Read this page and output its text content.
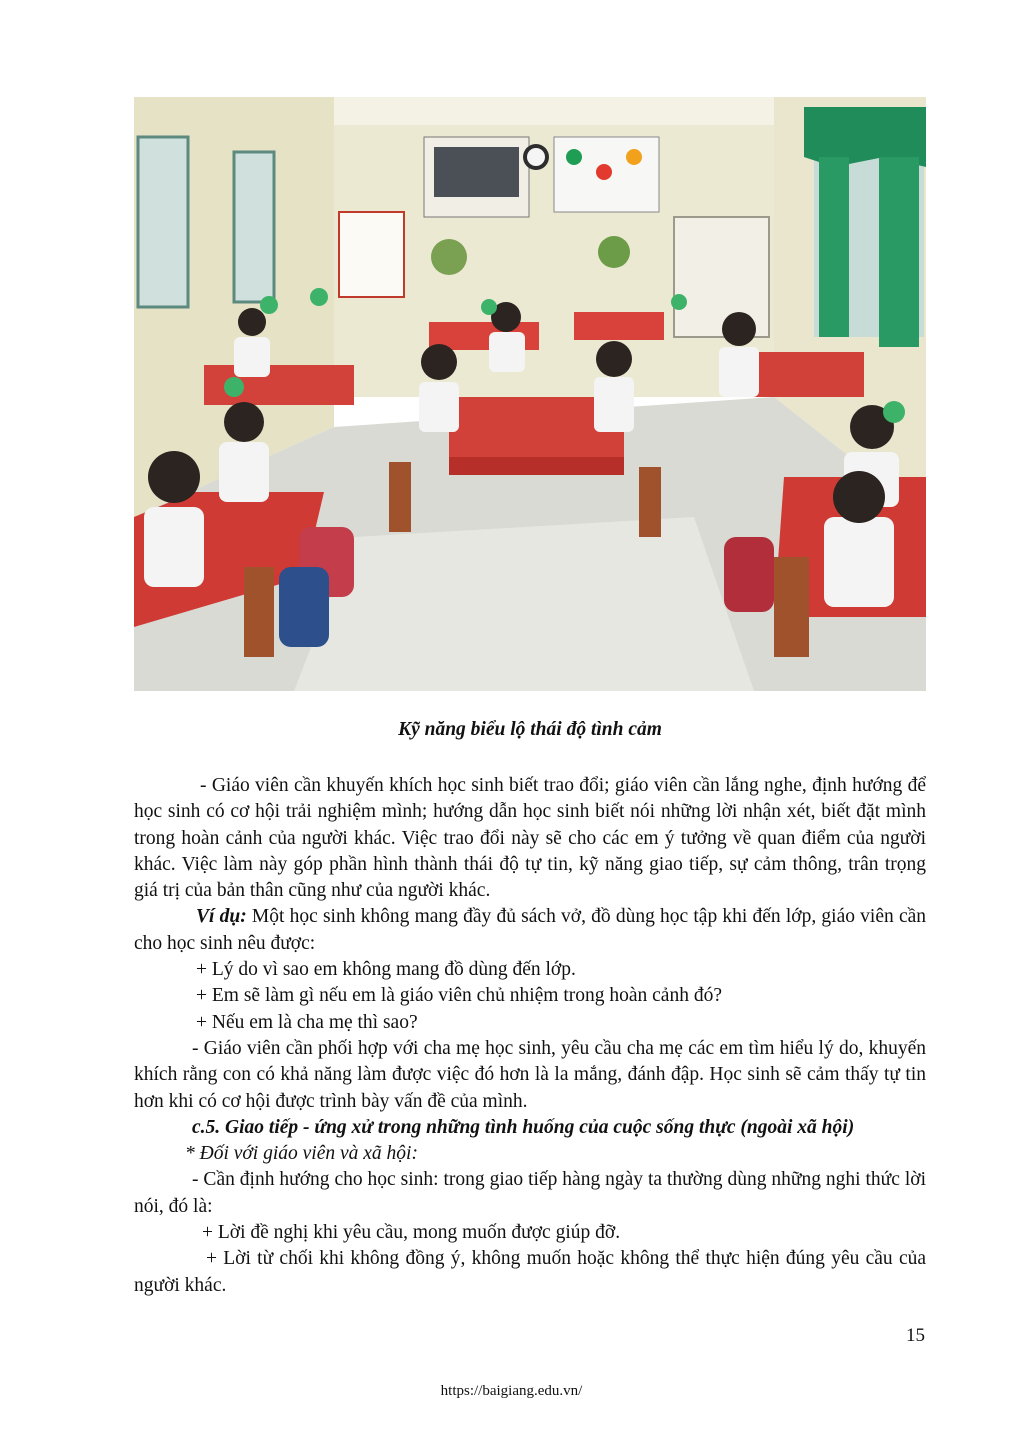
Kỹ năng biểu lộ thái độ tình cảm

- Giáo viên cần khuyến khích học sinh biết trao đổi; giáo viên cần lắng nghe, định hướng để học sinh có cơ hội trải nghiệm mình; hướng dẫn học sinh biết nói những lời nhận xét, biết đặt mình trong hoàn cảnh của người khác. Việc trao đổi này sẽ cho các em ý tưởng về quan điểm của người khác. Việc làm này góp phần hình thành thái độ tự tin, kỹ năng giao tiếp, sự cảm thông, trân trọng giá trị của bản thân cũng như của người khác.

Ví dụ: Một học sinh không mang đầy đủ sách vở, đồ dùng học tập khi đến lớp, giáo viên cần cho học sinh nêu được:

+ Lý do vì sao em không mang đồ dùng đến lớp.

+ Em sẽ làm gì nếu em là giáo viên chủ nhiệm trong hoàn cảnh đó?

+ Nếu em là cha mẹ thì sao?

- Giáo viên cần phối hợp với cha mẹ học sinh, yêu cầu cha mẹ các em tìm hiểu lý do, khuyến khích rằng con có khả năng làm được việc đó hơn là la mắng, đánh đập. Học sinh sẽ cảm thấy tự tin hơn khi có cơ hội được trình bày vấn đề của mình.

c.5. Giao tiếp - ứng xử trong những tình huống của cuộc sống thực (ngoài xã hội)

* Đối với giáo viên và xã hội:

- Cần định hướng cho học sinh: trong giao tiếp hàng ngày ta thường dùng những nghi thức lời nói, đó là:

+ Lời đề nghị khi yêu cầu, mong muốn được giúp đỡ.

+ Lời từ chối khi không đồng ý, không muốn hoặc không thể thực hiện đúng yêu cầu của người khác.

15
https://baigiang.edu.vn/
